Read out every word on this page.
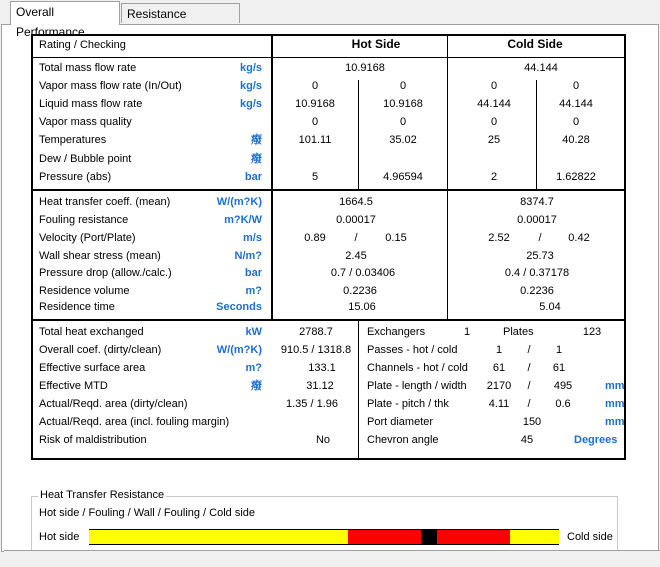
Overall Performance
Resistance
Rating / Checking	Hot Side	Cold Side
Total mass flow rate	kg/s	10.9168	44.144
Vapor mass flow rate (In/Out)	kg/s	0	0	0	0
Liquid mass flow rate	kg/s	10.9168	10.9168	44.144	44.144
Vapor mass quality	0	0	0	0
Temperatures	癈	101.11	35.02	25	40.28
Dew / Bubble point	癈
Pressure (abs)	bar	5	4.96594	2	1.62822
Heat transfer coeff. (mean)	W/(m?K)	1664.5	8374.7
Fouling resistance	m?K/W	0.00017	0.00017
Velocity (Port/Plate)	m/s	0.89	/	0.15	2.52	/ 0.42
Wall shear stress (mean)	N/m?	2.45	25.73
Pressure drop (allow./calc.)	bar	0.7 / 0.03406	0.4 / 0.37178
Residence volume	m?	0.2236	0.2236
Residence time	Seconds	15.06	5.04
Total heat exchanged	kW	2788.7
Overall coef. (dirty/clean)	W/(m?K) 910.5 / 1318.8
Effective surface area	m?	133.1
Effective MTD	癈	31.12
Actual/Reqd. area (dirty/clean)	1.35 / 1.96
Actual/Reqd. area (incl. fouling margin)
Risk of maldistribution	No
Exchangers	1	Plates	123
Passes - hot / cold	1 / 1
Channels - hot / cold 61 / 61
Plate - length / width 2170 / 495	mm
Plate - pitch / thk	4.11 / 0.6	mm
Port diameter	150	mm
Chevron angle	45	Degrees
Heat Transfer Resistance
Hot side / Fouling / Wall / Fouling / Cold side
Hot side	Cold side
